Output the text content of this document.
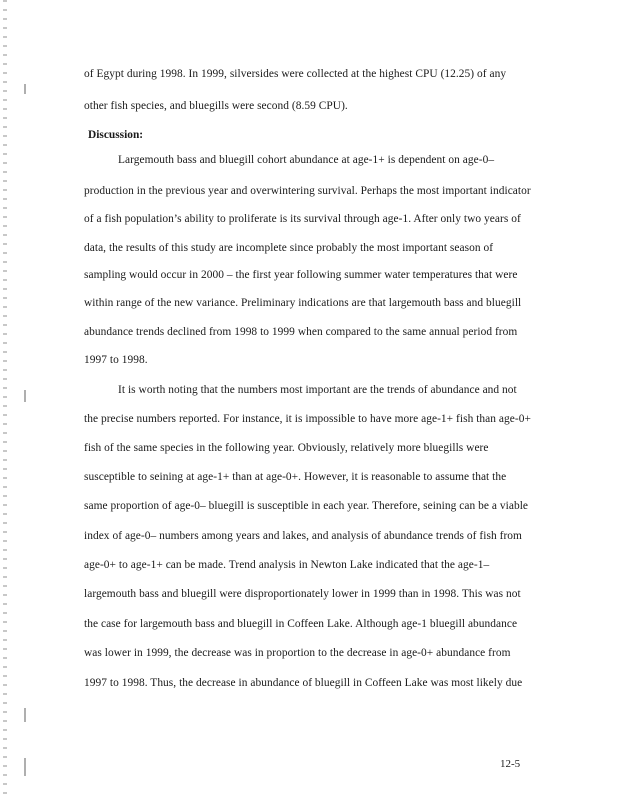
of Egypt during 1998. In 1999, silversides were collected at the highest CPU (12.25) of any
other fish species, and bluegills were second (8.59 CPU).
Discussion:
Largemouth bass and bluegill cohort abundance at age-1+ is dependent on age-0–
production in the previous year and overwintering survival. Perhaps the most important indicator
of a fish population’s ability to proliferate is its survival through age-1. After only two years of
data, the results of this study are incomplete since probably the most important season of
sampling would occur in 2000 – the first year following summer water temperatures that were
within range of the new variance. Preliminary indications are that largemouth bass and bluegill
abundance trends declined from 1998 to 1999 when compared to the same annual period from
1997 to 1998.
It is worth noting that the numbers most important are the trends of abundance and not
the precise numbers reported. For instance, it is impossible to have more age-1+ fish than age-0+
fish of the same species in the following year. Obviously, relatively more bluegills were
susceptible to seining at age-1+ than at age-0+. However, it is reasonable to assume that the
same proportion of age-0– bluegill is susceptible in each year. Therefore, seining can be a viable
index of age-0– numbers among years and lakes, and analysis of abundance trends of fish from
age-0+ to age-1+ can be made. Trend analysis in Newton Lake indicated that the age-1–
largemouth bass and bluegill were disproportionately lower in 1999 than in 1998. This was not
the case for largemouth bass and bluegill in Coffeen Lake. Although age-1 bluegill abundance
was lower in 1999, the decrease was in proportion to the decrease in age-0+ abundance from
1997 to 1998. Thus, the decrease in abundance of bluegill in Coffeen Lake was most likely due
12-5
